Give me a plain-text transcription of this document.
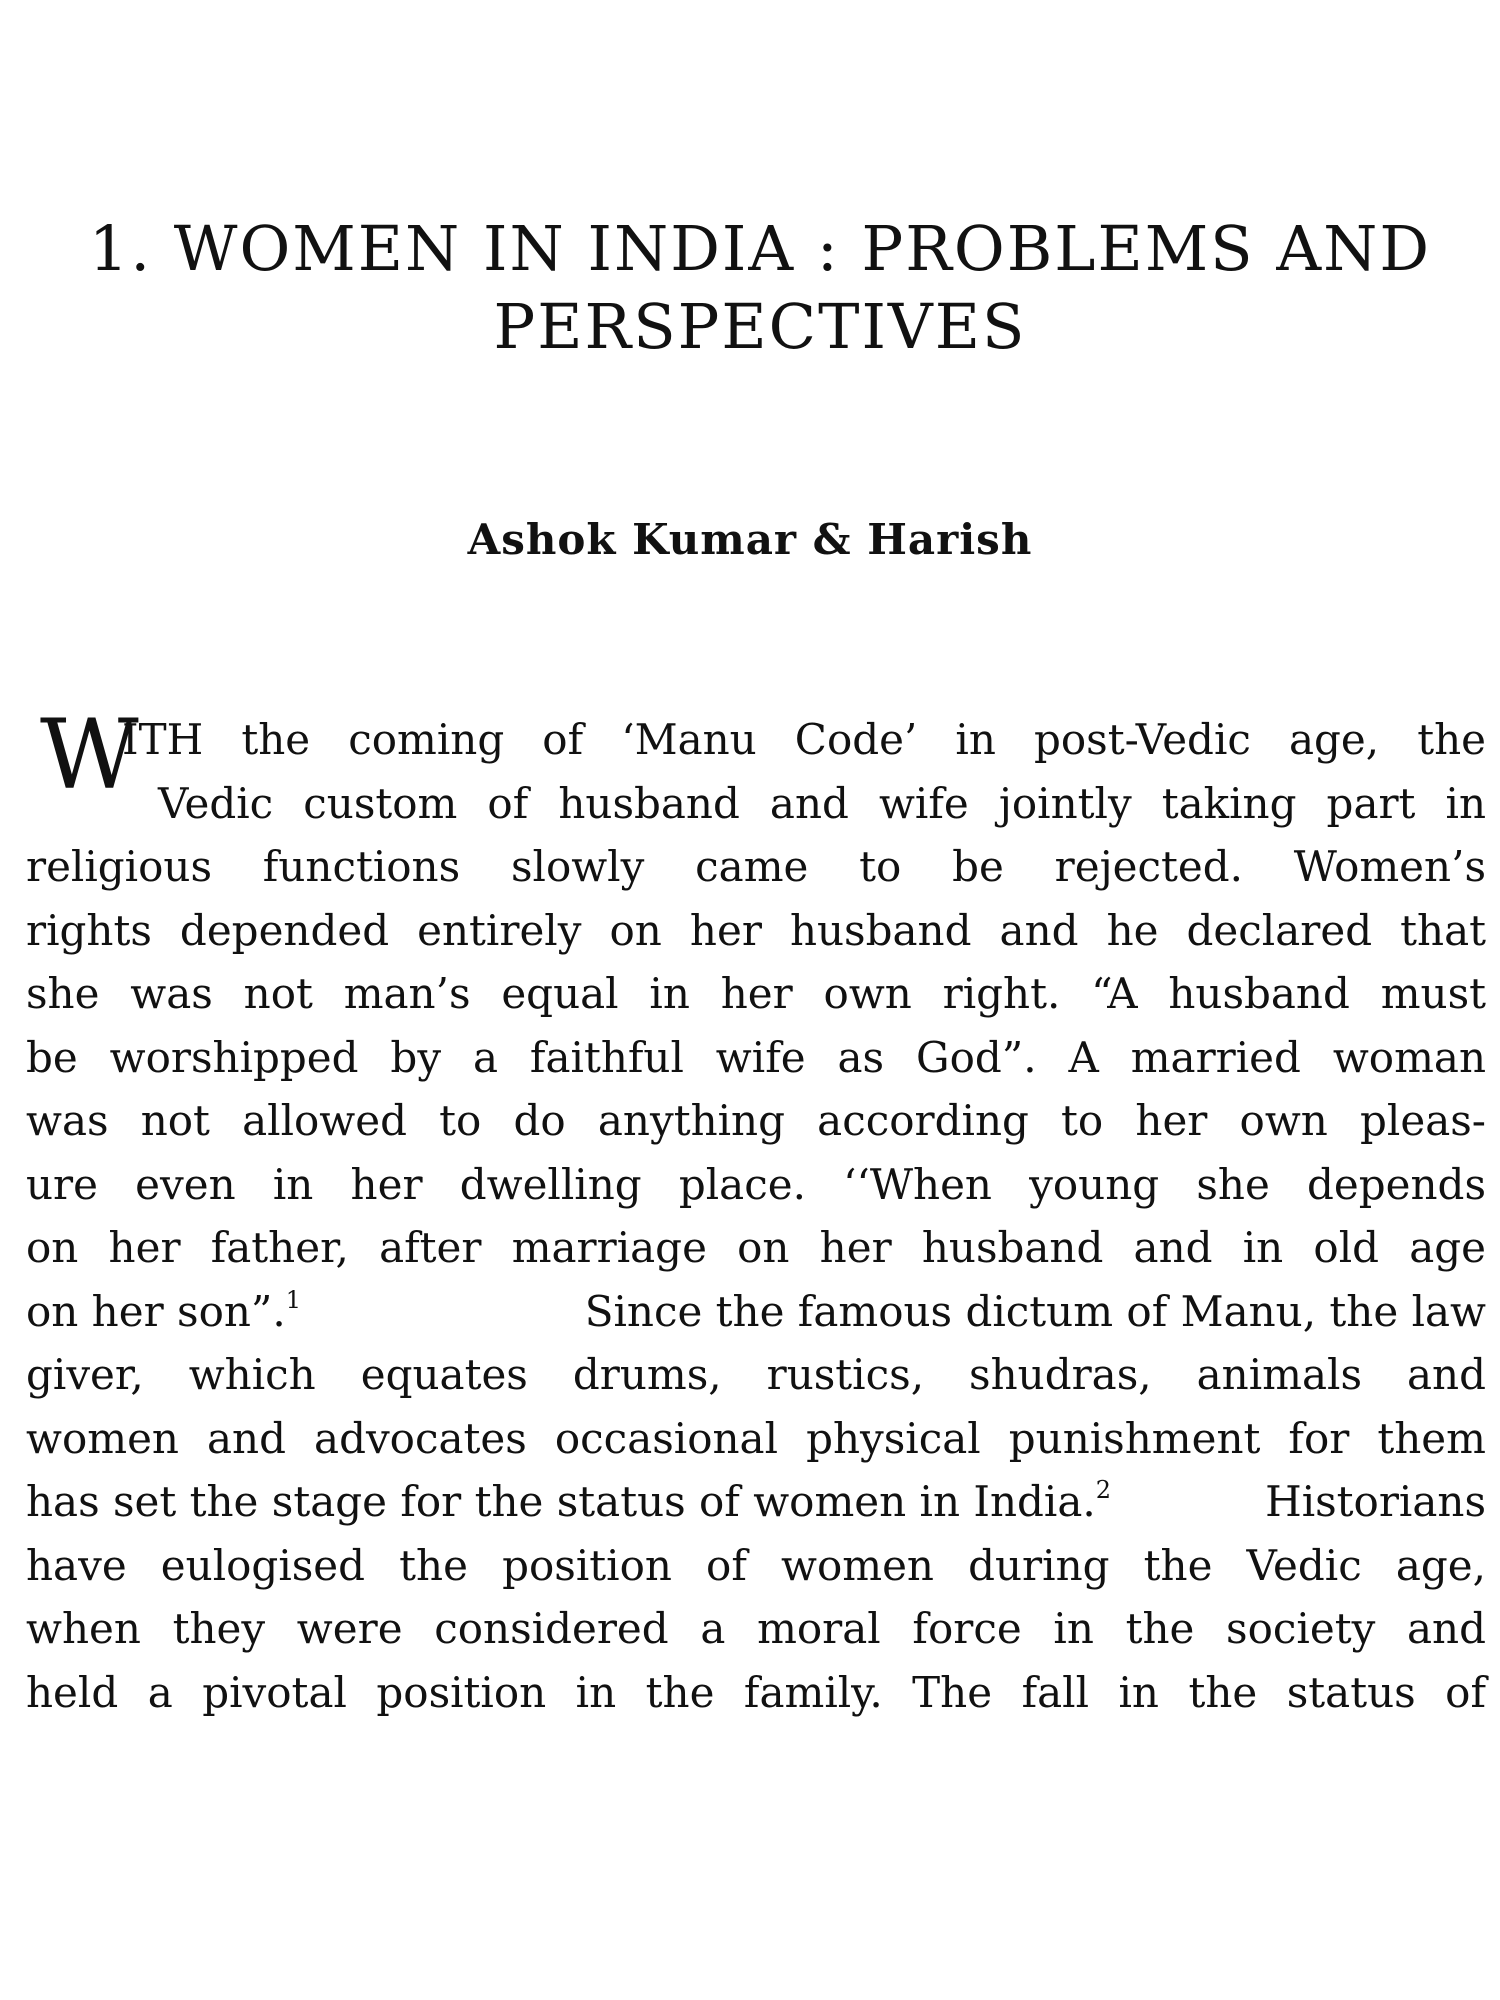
1. WOMEN IN INDIA : PROBLEMS AND
PERSPECTIVES

Ashok Kumar & Harish

W
ITH the coming of ‘Manu Code’ in post-Vedic age, the
Vedic custom of husband and wife jointly taking part in
religious functions slowly came to be rejected. Women’s
rights depended entirely on her husband and he declared that
she was not man’s equal in her own right. “A husband must
be worshipped by a faithful wife as God”. A married woman
was not allowed to do anything according to her own pleas-
ure even in her dwelling place. ‘‘When young she depends
on her father, after marriage on her husband and in old age
on her son”.$^1$	Since the famous dictum of Manu, the law
giver, which equates drums, rustics, shudras, animals and
women and advocates occasional physical punishment for them
has set the stage for the status of women in India.$^2$	Historians
have eulogised the position of women during the Vedic age,
when they were considered a moral force in the society and
held a pivotal position in the family. The fall in the status of
